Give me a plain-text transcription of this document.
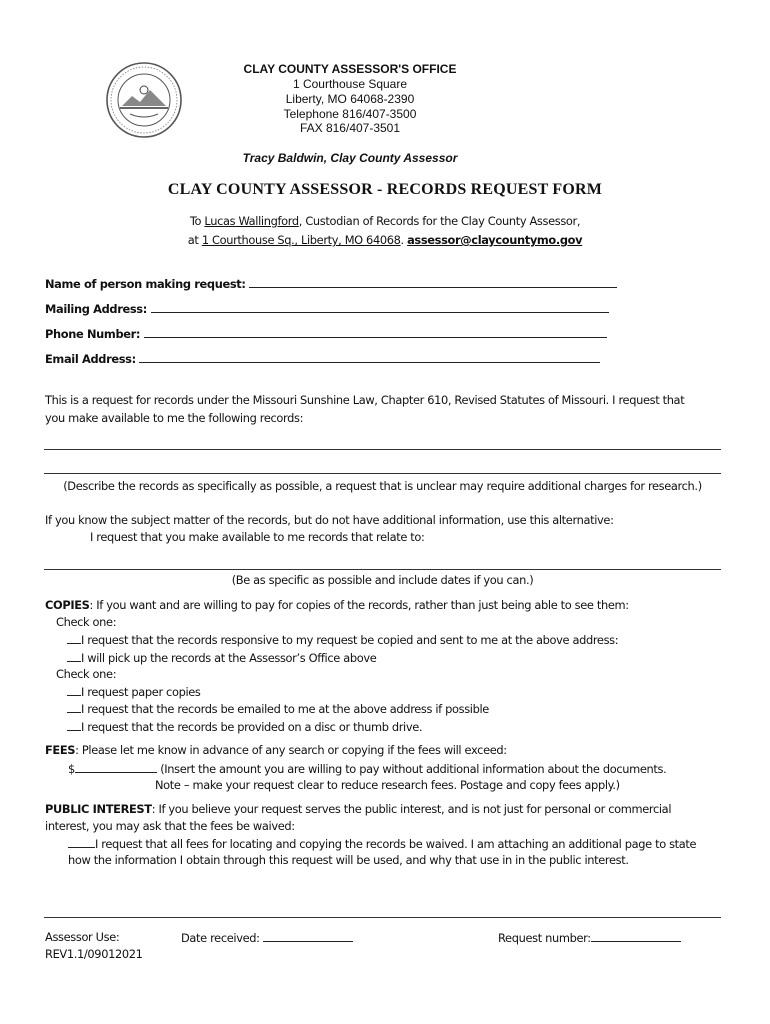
CLAY COUNTY ASSESSOR'S OFFICE
1 Courthouse Square
Liberty, MO 64068-2390
Telephone 816/407-3500
FAX 816/407-3501
Tracy Baldwin, Clay County Assessor
CLAY COUNTY ASSESSOR - RECORDS REQUEST FORM
To Lucas Wallingford, Custodian of Records for the Clay County Assessor,
at 1 Courthouse Sq., Liberty, MO 64068. assessor@claycountymo.gov
Name of person making request:
Mailing Address:
Phone Number:
Email Address:
This is a request for records under the Missouri Sunshine Law, Chapter 610, Revised Statutes of Missouri. I request that
you make available to me the following records:
(Describe the records as specifically as possible, a request that is unclear may require additional charges for research.)
If you know the subject matter of the records, but do not have additional information, use this alternative:
I request that you make available to me records that relate to:
(Be as specific as possible and include dates if you can.)
COPIES: If you want and are willing to pay for copies of the records, rather than just being able to see them:
Check one:
I request that the records responsive to my request be copied and sent to me at the above address:
I will pick up the records at the Assessor’s Office above
Check one:
I request paper copies
I request that the records be emailed to me at the above address if possible
I request that the records be provided on a disc or thumb drive.
FEES: Please let me know in advance of any search or copying if the fees will exceed:
$	(Insert the amount you are willing to pay without additional information about the documents.
Note – make your request clear to reduce research fees. Postage and copy fees apply.)
PUBLIC INTEREST: If you believe your request serves the public interest, and is not just for personal or commercial
interest, you may ask that the fees be waived:
I request that all fees for locating and copying the records be waived. I am attaching an additional page to state
how the information I obtain through this request will be used, and why that use in in the public interest.
Assessor Use:	Date received:	Request number:
REV1.1/09012021
